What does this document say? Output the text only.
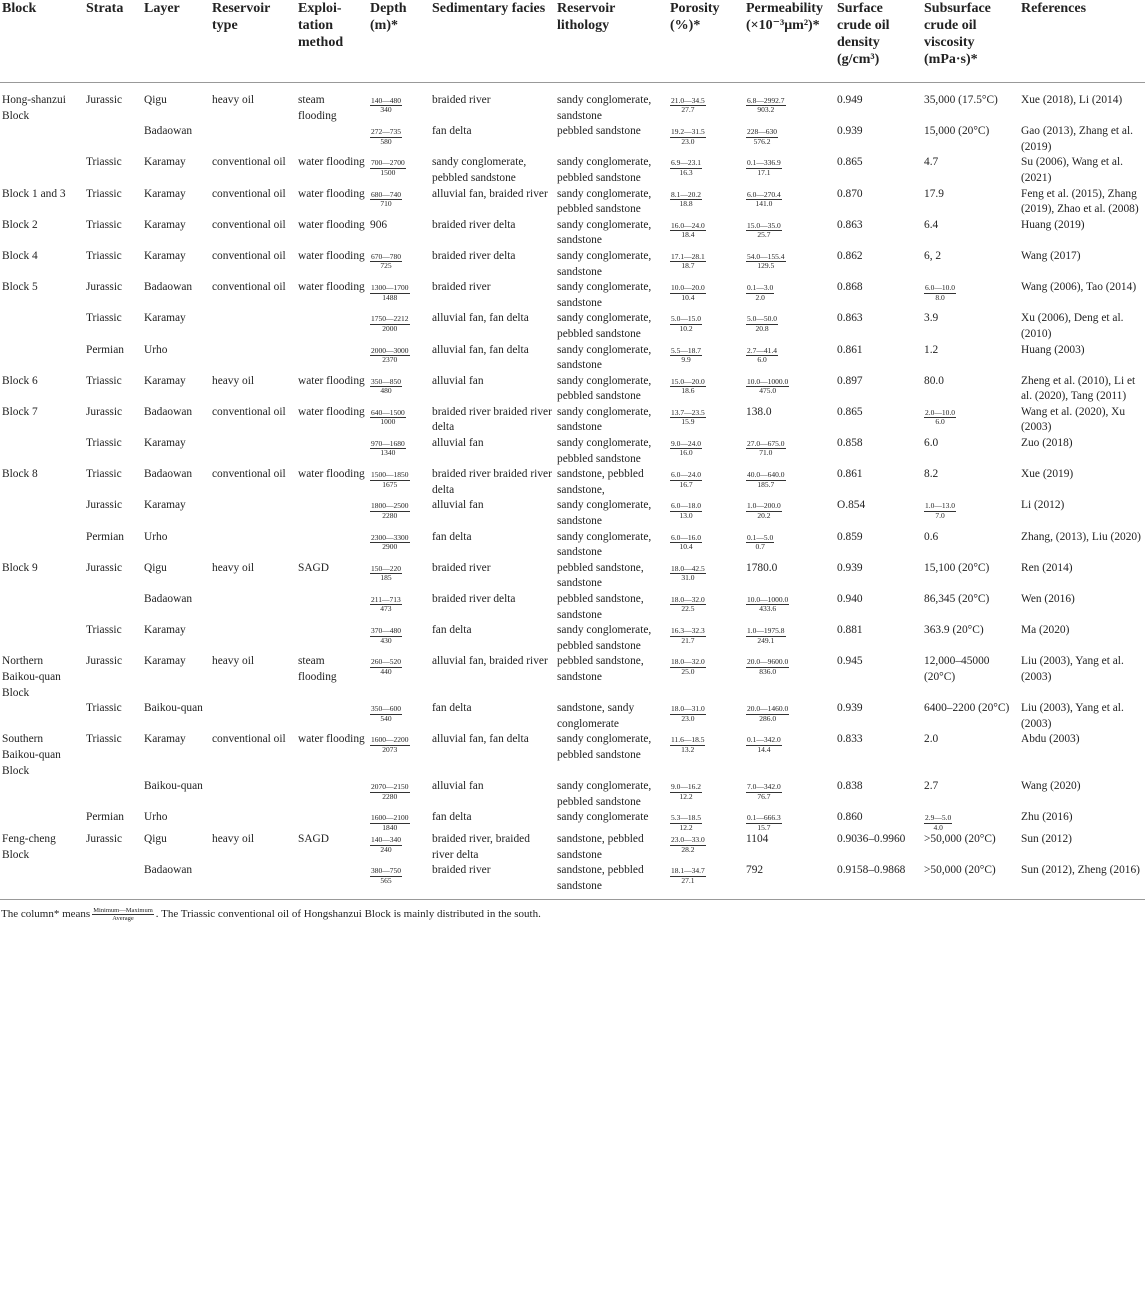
Block	Strata	Layer	Reservoir type	Exploi-tation method	Depth (m)*	Sedimentary facies	Reservoir lithology	Porosity (%)*	Permeability (×10⁻³μm²)*	Surface crude oil density (g/cm³)	Subsurface crude oil viscosity (mPa·s)*	References
Hong-shanzui Block	Jurassic	Qigu	heavy oil	steam flooding	$\frac{140—480}{340}$	braided river	sandy conglomerate, sandstone	$\frac{21.0—34.5}{27.7}$	$\frac{6.8—2992.7}{903.2}$	0.949	35,000 (17.5°C)	Xue (2018), Li (2014)
		Badaowan			$\frac{272—735}{580}$	fan delta	pebbled sandstone	$\frac{19.2—31.5}{23.0}$	$\frac{228—630}{576.2}$	0.939	15,000 (20°C)	Gao (2013), Zhang et al. (2019)
	Triassic	Karamay	conventional oil	water flooding	$\frac{700—2700}{1500}$	sandy conglomerate, pebbled sandstone	sandy conglomerate, pebbled sandstone	$\frac{6.9—23.1}{16.3}$	$\frac{0.1—336.9}{17.1}$	0.865	4.7	Su (2006), Wang et al. (2021)
Block 1 and 3	Triassic	Karamay	conventional oil	water flooding	$\frac{680—740}{710}$	alluvial fan, braided river	sandy conglomerate, pebbled sandstone	$\frac{8.1—20.2}{18.8}$	$\frac{6.0—270.4}{141.0}$	0.870	17.9	Feng et al. (2015), Zhang (2019), Zhao et al. (2008)
Block 2	Triassic	Karamay	conventional oil	water flooding	906	braided river delta	sandy conglomerate, sandstone	$\frac{16.0—24.0}{18.4}$	$\frac{15.0—35.0}{25.7}$	0.863	6.4	Huang (2019)
Block 4	Triassic	Karamay	conventional oil	water flooding	$\frac{670—780}{725}$	braided river delta	sandy conglomerate, sandstone	$\frac{17.1—28.1}{18.7}$	$\frac{54.0—155.4}{129.5}$	0.862	6, 2	Wang (2017)
Block 5	Jurassic	Badaowan	conventional oil	water flooding	$\frac{1300—1700}{1488}$	braided river	sandy conglomerate, sandstone	$\frac{10.0—20.0}{10.4}$	$\frac{0.1—3.0}{2.0}$	0.868	$\frac{6.0—10.0}{8.0}$	Wang (2006), Tao (2014)
	Triassic	Karamay			$\frac{1750—2212}{2000}$	alluvial fan, fan delta	sandy conglomerate, pebbled sandstone	$\frac{5.0—15.0}{10.2}$	$\frac{5.0—50.0}{20.8}$	0.863	3.9	Xu (2006), Deng et al. (2010)
	Permian	Urho			$\frac{2000—3000}{2370}$	alluvial fan, fan delta	sandy conglomerate, sandstone	$\frac{5.5—18.7}{9.9}$	$\frac{2.7—41.4}{6.0}$	0.861	1.2	Huang (2003)
Block 6	Triassic	Karamay	heavy oil	water flooding	$\frac{350—850}{480}$	alluvial fan	sandy conglomerate, pebbled sandstone	$\frac{15.0—20.0}{18.6}$	$\frac{10.0—1000.0}{475.0}$	0.897	80.0	Zheng et al. (2010), Li et al. (2020), Tang (2011)
Block 7	Jurassic	Badaowan	conventional oil	water flooding	$\frac{640—1500}{1000}$	braided river braided river delta	sandy conglomerate, sandstone	$\frac{13.7—23.5}{15.9}$	138.0	0.865	$\frac{2.0—10.0}{6.0}$	Wang et al. (2020), Xu (2003)
	Triassic	Karamay			$\frac{970—1680}{1340}$	alluvial fan	sandy conglomerate, pebbled sandstone	$\frac{9.0—24.0}{16.0}$	$\frac{27.0—675.0}{71.0}$	0.858	6.0	Zuo (2018)
Block 8	Triassic	Badaowan	conventional oil	water flooding	$\frac{1500—1850}{1675}$	braided river braided river delta	sandstone, pebbled sandstone,	$\frac{6.0—24.0}{16.7}$	$\frac{40.0—640.0}{185.7}$	0.861	8.2	Xue (2019)
	Jurassic	Karamay			$\frac{1800—2500}{2280}$	alluvial fan	sandy conglomerate, sandstone	$\frac{6.0—18.0}{13.0}$	$\frac{1.0—200.0}{20.2}$	O.854	$\frac{1.0—13.0}{7.0}$	Li (2012)
	Permian	Urho			$\frac{2300—3300}{2900}$	fan delta	sandy conglomerate, sandstone	$\frac{6.0—16.0}{10.4}$	$\frac{0.1—5.0}{0.7}$	0.859	0.6	Zhang, (2013), Liu (2020)
Block 9	Jurassic	Qigu	heavy oil	SAGD	$\frac{150—220}{185}$	braided river	pebbled sandstone, sandstone	$\frac{18.0—42.5}{31.0}$	1780.0	0.939	15,100 (20°C)	Ren (2014)
		Badaowan			$\frac{211—713}{473}$	braided river delta	pebbled sandstone, sandstone	$\frac{18.0—32.0}{22.5}$	$\frac{10.0—1000.0}{433.6}$	0.940	86,345 (20°C)	Wen (2016)
	Triassic	Karamay			$\frac{370—480}{430}$	fan delta	sandy conglomerate, pebbled sandstone	$\frac{16.3—32.3}{21.7}$	$\frac{1.0—1975.8}{249.1}$	0.881	363.9 (20°C)	Ma (2020)
Northern Baikou-quan Block	Jurassic	Karamay	heavy oil	steam flooding	$\frac{260—520}{440}$	alluvial fan, braided river	pebbled sandstone, sandstone	$\frac{18.0—32.0}{25.0}$	$\frac{20.0—9600.0}{836.0}$	0.945	12,000–45000 (20°C)	Liu (2003), Yang et al. (2003)
	Triassic	Baikou-quan			$\frac{350—600}{540}$	fan delta	sandstone, sandy conglomerate	$\frac{18.0—31.0}{23.0}$	$\frac{20.0—1460.0}{286.0}$	0.939	6400–2200 (20°C)	Liu (2003), Yang et al. (2003)
Southern Baikou-quan Block	Triassic	Karamay	conventional oil	water flooding	$\frac{1600—2200}{2073}$	alluvial fan, fan delta	sandy conglomerate, pebbled sandstone	$\frac{11.6—18.5}{13.2}$	$\frac{0.1—342.0}{14.4}$	0.833	2.0	Abdu (2003)
		Baikou-quan			$\frac{2070—2150}{2280}$	alluvial fan	sandy conglomerate, pebbled sandstone	$\frac{9.0—16.2}{12.2}$	$\frac{7.0—342.0}{76.7}$	0.838	2.7	Wang (2020)
	Permian	Urho			$\frac{1600—2100}{1840}$	fan delta	sandy conglomerate	$\frac{5.3—18.5}{12.2}$	$\frac{0.1—666.3}{15.7}$	0.860	$\frac{2.9—5.0}{4.0}$	Zhu (2016)
Feng-cheng Block	Jurassic	Qigu	heavy oil	SAGD	$\frac{140—340}{240}$	braided river, braided river delta	sandstone, pebbled sandstone	$\frac{23.0—33.0}{28.2}$	1104	0.9036–0.9960	>50,000 (20°C)	Sun (2012)
		Badaowan			$\frac{380—750}{565}$	braided river	sandstone, pebbled sandstone	$\frac{18.1—34.7}{27.1}$	792	0.9158–0.9868	>50,000 (20°C)	Sun (2012), Zheng (2016)
The column* means $\frac{\text{Minimum—Maximum}}{\text{Average}}$ . The Triassic conventional oil of Hongshanzui Block is mainly distributed in the south.
